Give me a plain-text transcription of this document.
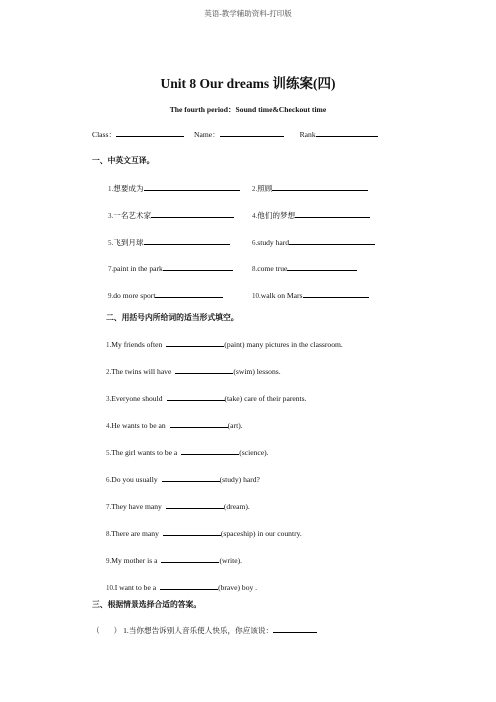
英语-教学辅助资料-打印版
Unit 8 Our dreams 训练案(四)
The fourth period：Sound time&Checkout time
Class：	Name：	Rank
一、中英文互译。
1.想要成为	2.照顾
3.一名艺术家	4.他们的梦想
5.飞到月球	6.study hard
7.paint in the park	8.come true
9.do more sport	10.walk on Mars
二、用括号内所给词的适当形式填空。
1.My friends often	(paint) many pictures in the classroom.
2.The twins will have	(swim) lessons.
3.Everyone should	(take) care of their parents.
4.He wants to be an	(art).
5.The girl wants to be a	(science).
6.Do you usually	(study) hard?
7.They have many	(dream).
8.There are many	(spaceship) in our country.
9.My mother is a	(write).
10.I want to be a	(brave) boy .
三、根据情景选择合适的答案。
（ ） 1.当你想告诉别人音乐使人快乐，你应该说：
